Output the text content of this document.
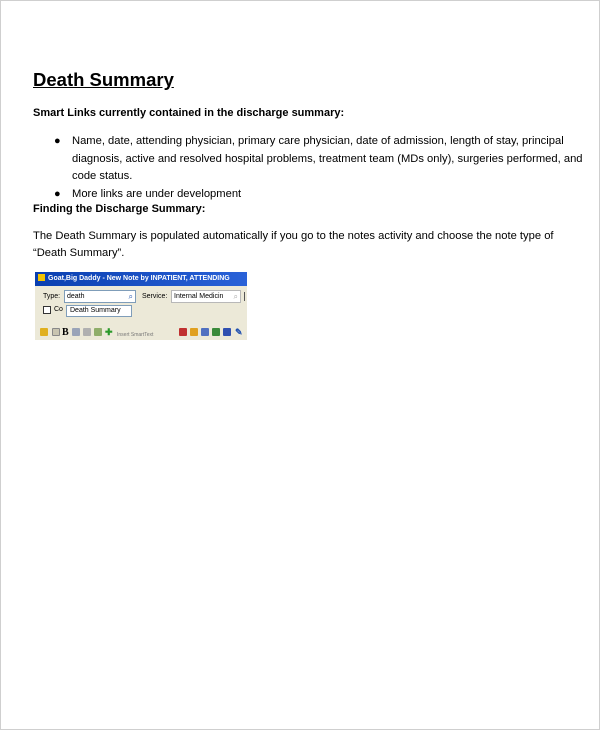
Death Summary

Smart Links currently contained in the discharge summary:

● Name, date, attending physician, primary care physician, date of admission, length of stay, principal diagnosis, active and resolved hospital problems, treatment team (MDs only), surgeries performed, and code status.
● More links are under development

Finding the Discharge Summary:

The Death Summary is populated automatically if you go to the notes activity and choose the note type of “Death Summary”.

Goat,Big Daddy - New Note by INPATIENT, ATTENDING
Type: death	⌕ Service: Internal Medicin ⌕
Co	Death Summary
B	✚ Insert SmartText	✎
